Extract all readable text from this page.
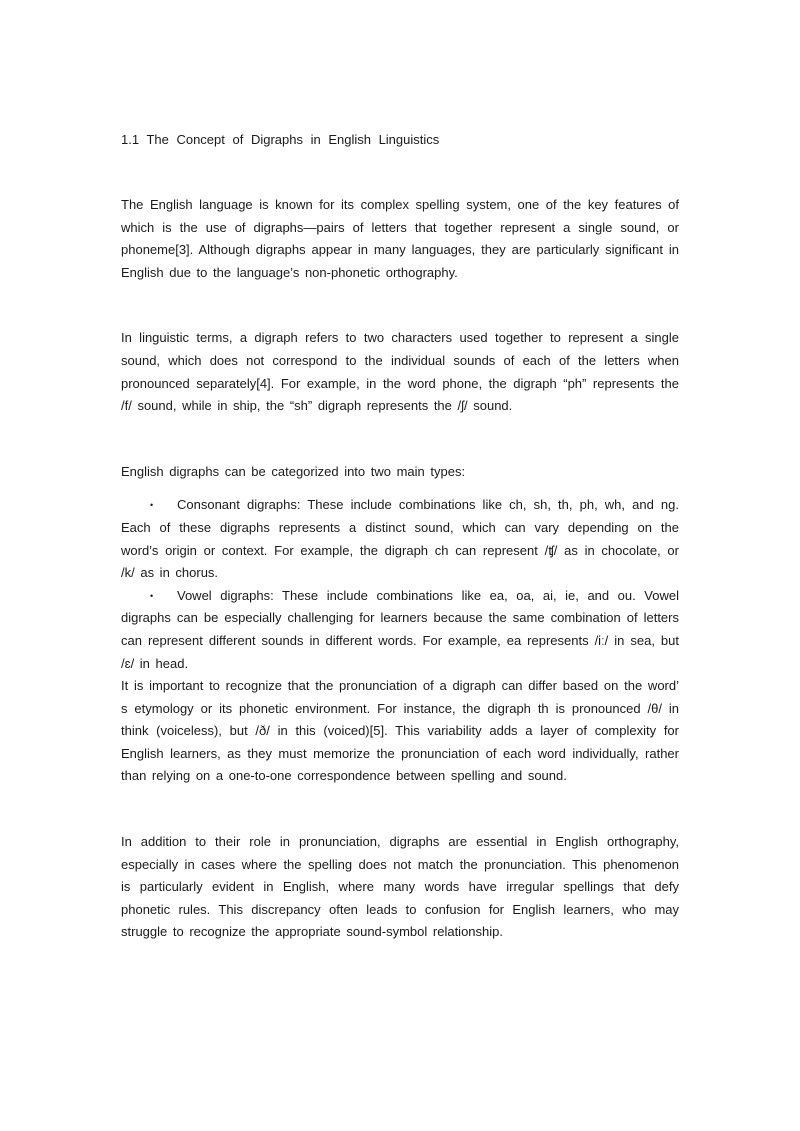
1.1 The Concept of Digraphs in English Linguistics

The English language is known for its complex spelling system, one of the key features of which is the use of digraphs—pairs of letters that together represent a single sound, or phoneme[3]. Although digraphs appear in many languages, they are particularly significant in English due to the language’s non-phonetic orthography.

In linguistic terms, a digraph refers to two characters used together to represent a single sound, which does not correspond to the individual sounds of each of the letters when pronounced separately[4]. For example, in the word phone, the digraph “ph” represents the /f/ sound, while in ship, the “sh” digraph represents the /ʃ/ sound.

English digraphs can be categorized into two main types:

• Consonant digraphs: These include combinations like ch, sh, th, ph, wh, and ng. Each of these digraphs represents a distinct sound, which can vary depending on the word’s origin or context. For example, the digraph ch can represent /ʧ/ as in chocolate, or /k/ as in chorus.
• Vowel digraphs: These include combinations like ea, oa, ai, ie, and ou. Vowel digraphs can be especially challenging for learners because the same combination of letters can represent different sounds in different words. For example, ea represents /iː/ in sea, but /ɛ/ in head.

It is important to recognize that the pronunciation of a digraph can differ based on the word’ s etymology or its phonetic environment. For instance, the digraph th is pronounced /θ/ in think (voiceless), but /ð/ in this (voiced)[5]. This variability adds a layer of complexity for English learners, as they must memorize the pronunciation of each word individually, rather than relying on a one-to-one correspondence between spelling and sound.

In addition to their role in pronunciation, digraphs are essential in English orthography, especially in cases where the spelling does not match the pronunciation. This phenomenon is particularly evident in English, where many words have irregular spellings that defy phonetic rules. This discrepancy often leads to confusion for English learners, who may struggle to recognize the appropriate sound-symbol relationship.
